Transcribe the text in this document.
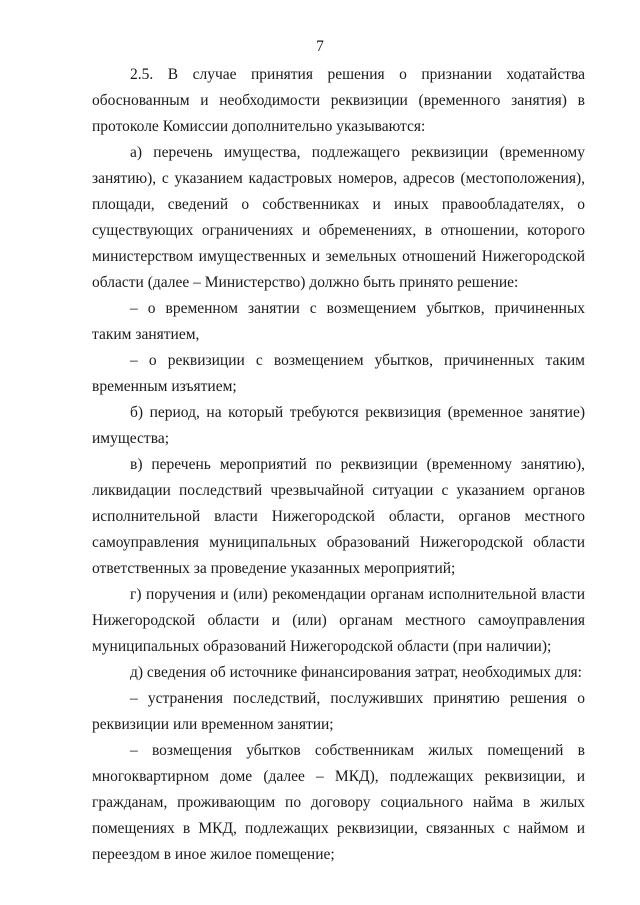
7

2.5. В случае принятия решения о признании ходатайства обоснованным и необходимости реквизиции (временного занятия) в протоколе Комиссии дополнительно указываются:

а) перечень имущества, подлежащего реквизиции (временному занятию), с указанием кадастровых номеров, адресов (местоположения), площади, сведений о собственниках и иных правообладателях, о существующих ограничениях и обременениях, в отношении, которого министерством имущественных и земельных отношений Нижегородской области (далее – Министерство) должно быть принято решение:

– о временном занятии с возмещением убытков, причиненных таким занятием,

– о реквизиции с возмещением убытков, причиненных таким временным изъятием;

б) период, на который требуются реквизиция (временное занятие) имущества;

в) перечень мероприятий по реквизиции (временному занятию), ликвидации последствий чрезвычайной ситуации с указанием органов исполнительной власти Нижегородской области, органов местного самоуправления муниципальных образований Нижегородской области ответственных за проведение указанных мероприятий;

г) поручения и (или) рекомендации органам исполнительной власти Нижегородской области и (или) органам местного самоуправления муниципальных образований Нижегородской области (при наличии);

д) сведения об источнике финансирования затрат, необходимых для:

– устранения последствий, послуживших принятию решения о реквизиции или временном занятии;

– возмещения убытков собственникам жилых помещений в многоквартирном доме (далее – МКД), подлежащих реквизиции, и гражданам, проживающим по договору социального найма в жилых помещениях в МКД, подлежащих реквизиции, связанных с наймом и переездом в иное жилое помещение;
